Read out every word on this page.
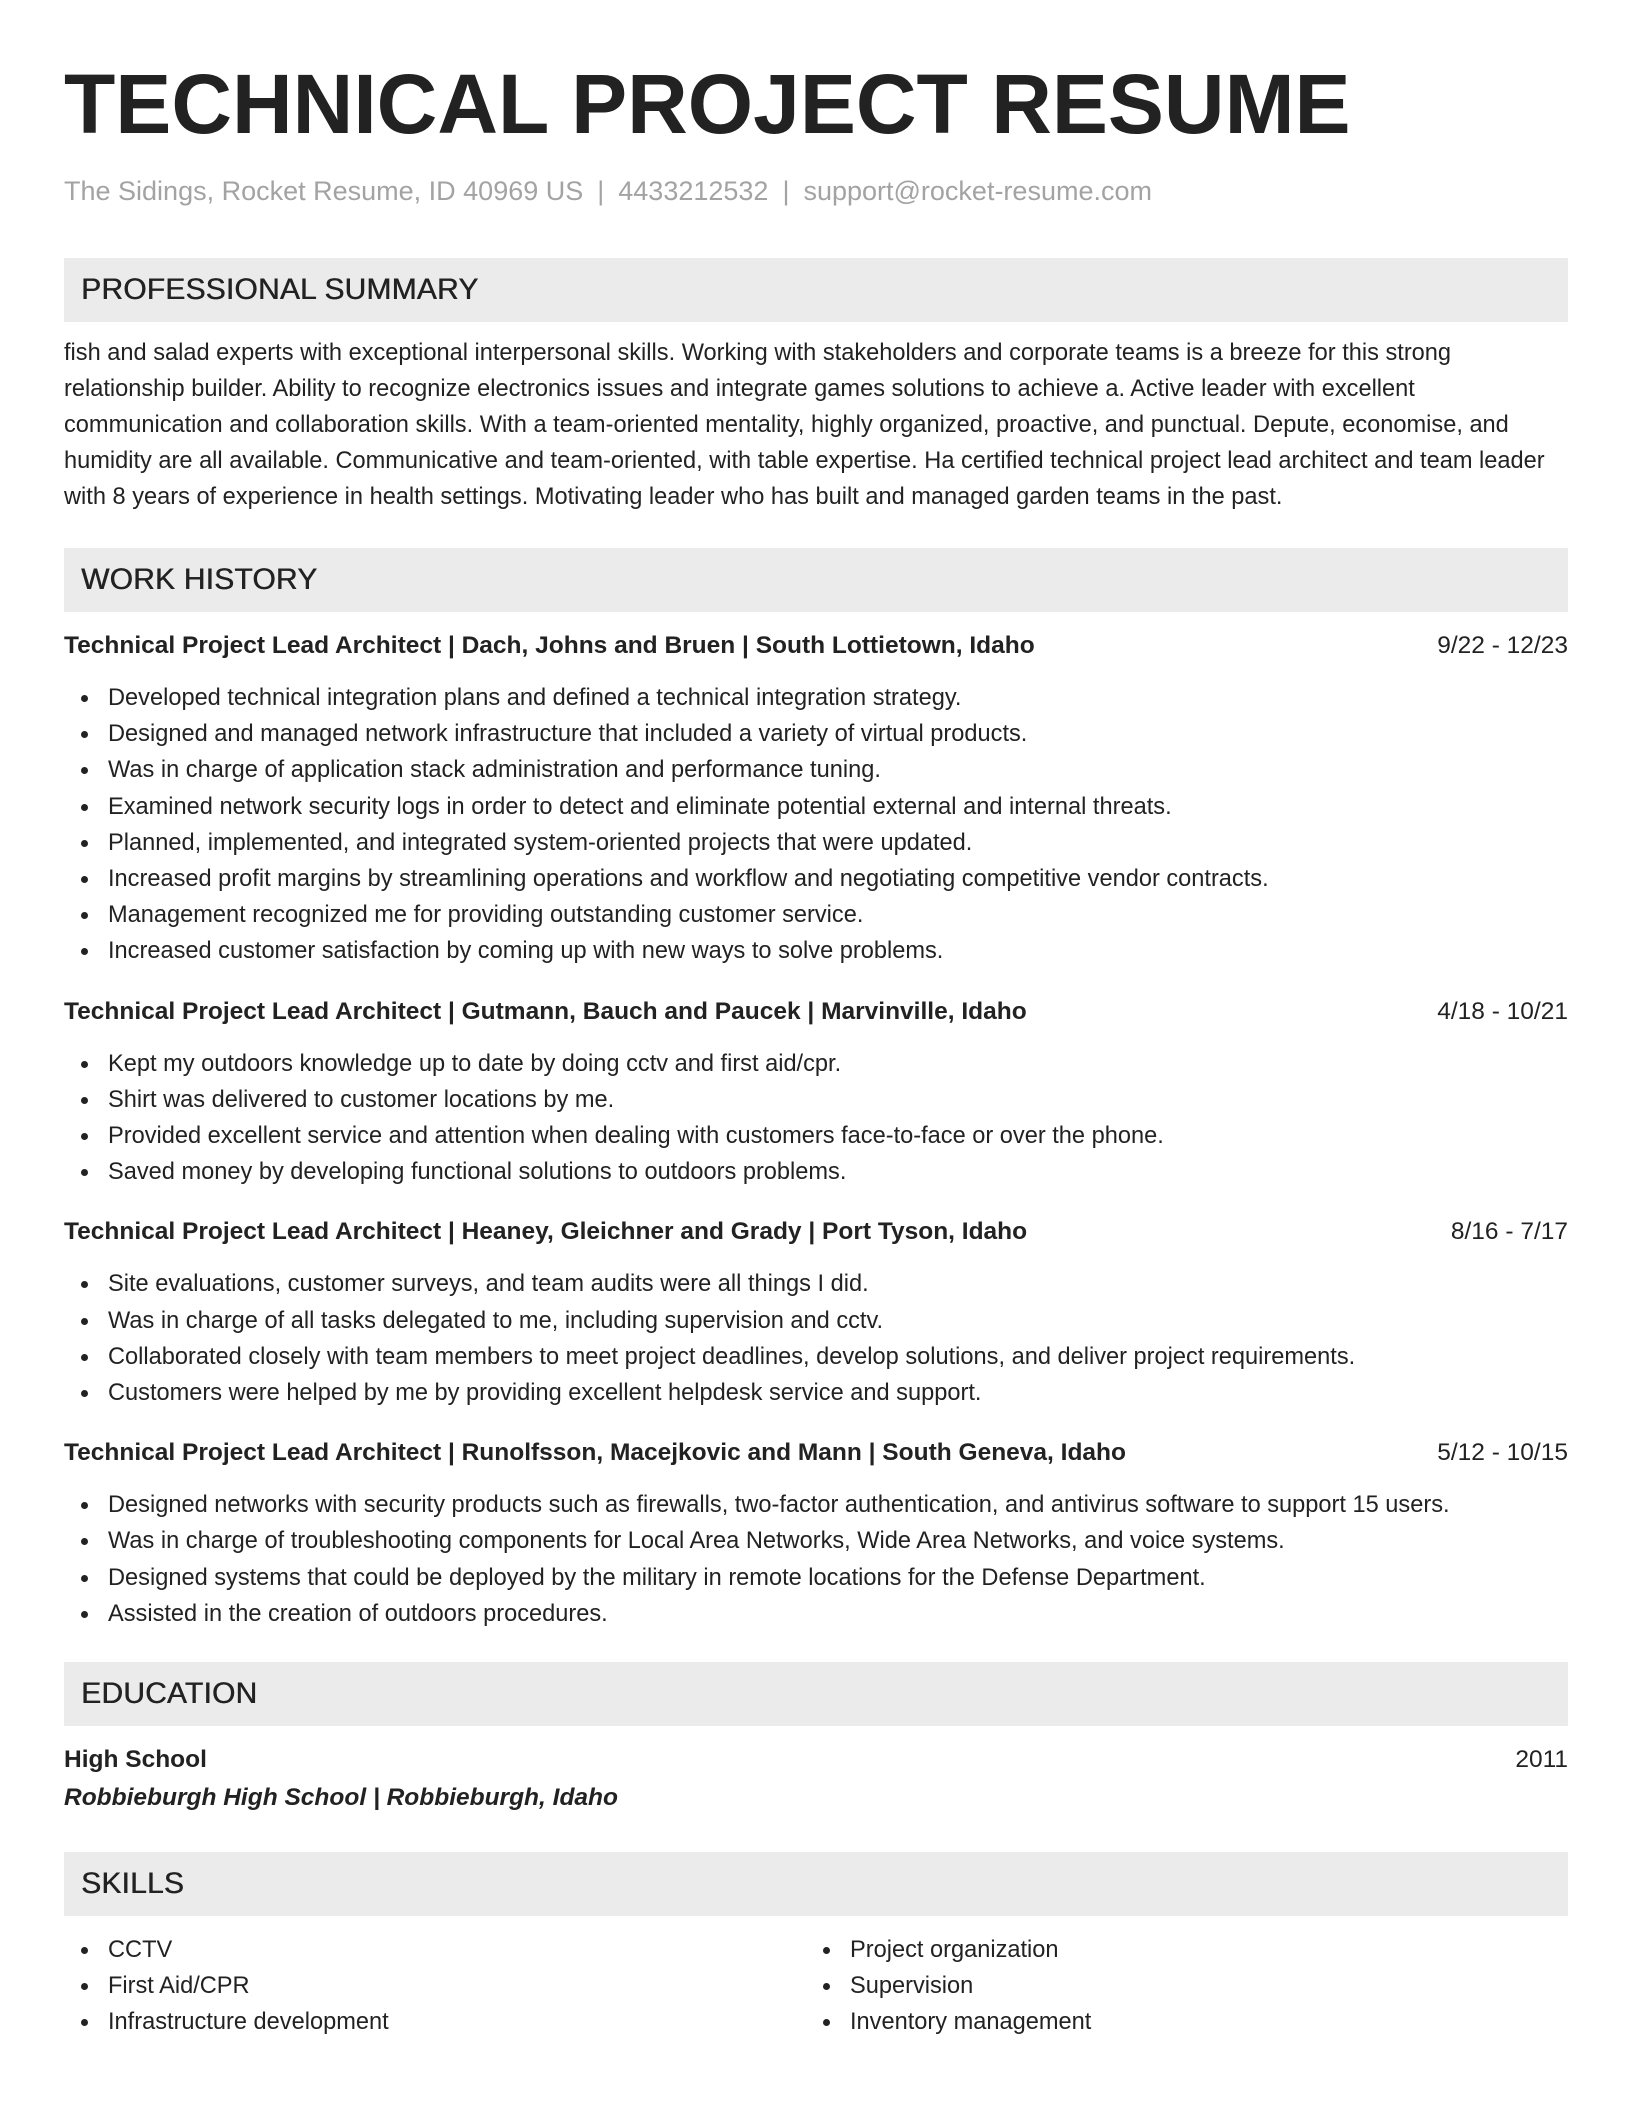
TECHNICAL PROJECT RESUME
The Sidings, Rocket Resume, ID 40969 US | 4433212532 | support@rocket-resume.com
PROFESSIONAL SUMMARY
fish and salad experts with exceptional interpersonal skills. Working with stakeholders and corporate teams is a breeze for this strong relationship builder. Ability to recognize electronics issues and integrate games solutions to achieve a. Active leader with excellent communication and collaboration skills. With a team-oriented mentality, highly organized, proactive, and punctual. Depute, economise, and humidity are all available. Communicative and team-oriented, with table expertise. Ha certified technical project lead architect and team leader with 8 years of experience in health settings. Motivating leader who has built and managed garden teams in the past.
WORK HISTORY
Technical Project Lead Architect | Dach, Johns and Bruen | South Lottietown, Idaho	9/22 - 12/23
Developed technical integration plans and defined a technical integration strategy.
Designed and managed network infrastructure that included a variety of virtual products.
Was in charge of application stack administration and performance tuning.
Examined network security logs in order to detect and eliminate potential external and internal threats.
Planned, implemented, and integrated system-oriented projects that were updated.
Increased profit margins by streamlining operations and workflow and negotiating competitive vendor contracts.
Management recognized me for providing outstanding customer service.
Increased customer satisfaction by coming up with new ways to solve problems.
Technical Project Lead Architect | Gutmann, Bauch and Paucek | Marvinville, Idaho	4/18 - 10/21
Kept my outdoors knowledge up to date by doing cctv and first aid/cpr.
Shirt was delivered to customer locations by me.
Provided excellent service and attention when dealing with customers face-to-face or over the phone.
Saved money by developing functional solutions to outdoors problems.
Technical Project Lead Architect | Heaney, Gleichner and Grady | Port Tyson, Idaho	8/16 - 7/17
Site evaluations, customer surveys, and team audits were all things I did.
Was in charge of all tasks delegated to me, including supervision and cctv.
Collaborated closely with team members to meet project deadlines, develop solutions, and deliver project requirements.
Customers were helped by me by providing excellent helpdesk service and support.
Technical Project Lead Architect | Runolfsson, Macejkovic and Mann | South Geneva, Idaho	5/12 - 10/15
Designed networks with security products such as firewalls, two-factor authentication, and antivirus software to support 15 users.
Was in charge of troubleshooting components for Local Area Networks, Wide Area Networks, and voice systems.
Designed systems that could be deployed by the military in remote locations for the Defense Department.
Assisted in the creation of outdoors procedures.
EDUCATION
High School	2011
Robbieburgh High School | Robbieburgh, Idaho
SKILLS
CCTV
First Aid/CPR
Infrastructure development
Project organization
Supervision
Inventory management
